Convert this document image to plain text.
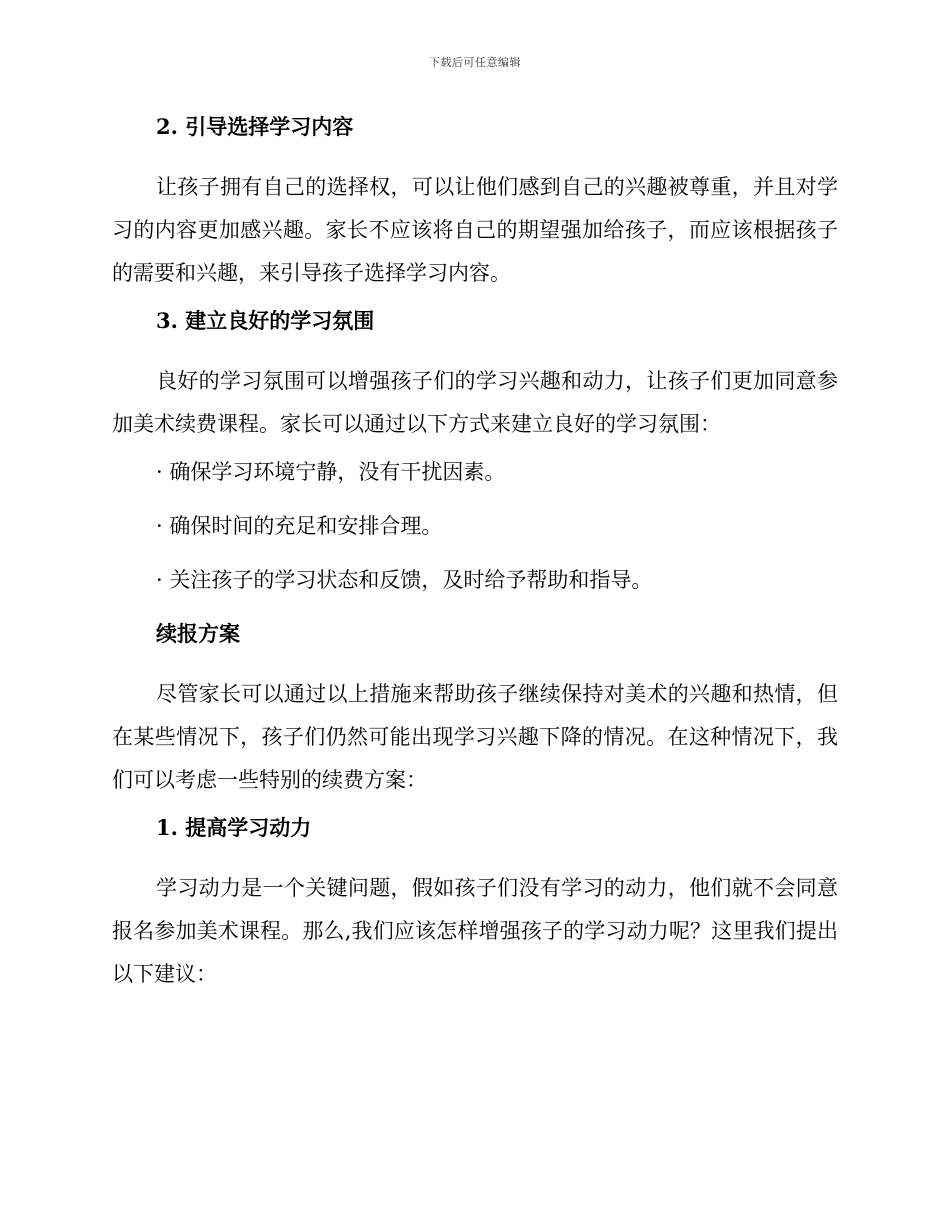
下载后可任意编辑
2. 引导选择学习内容
让孩子拥有自己的选择权，可以让他们感到自己的兴趣被尊重，并且对学习的内容更加感兴趣。家长不应该将自己的期望强加给孩子，而应该根据孩子的需要和兴趣，来引导孩子选择学习内容。
3. 建立良好的学习氛围
良好的学习氛围可以增强孩子们的学习兴趣和动力，让孩子们更加同意参加美术续费课程。家长可以通过以下方式来建立良好的学习氛围：
· 确保学习环境宁静，没有干扰因素。
· 确保时间的充足和安排合理。
· 关注孩子的学习状态和反馈，及时给予帮助和指导。
续报方案
尽管家长可以通过以上措施来帮助孩子继续保持对美术的兴趣和热情，但在某些情况下，孩子们仍然可能出现学习兴趣下降的情况。在这种情况下，我们可以考虑一些特别的续费方案：
1. 提高学习动力
学习动力是一个关键问题，假如孩子们没有学习的动力，他们就不会同意报名参加美术课程。那么,我们应该怎样增强孩子的学习动力呢？这里我们提出以下建议：
